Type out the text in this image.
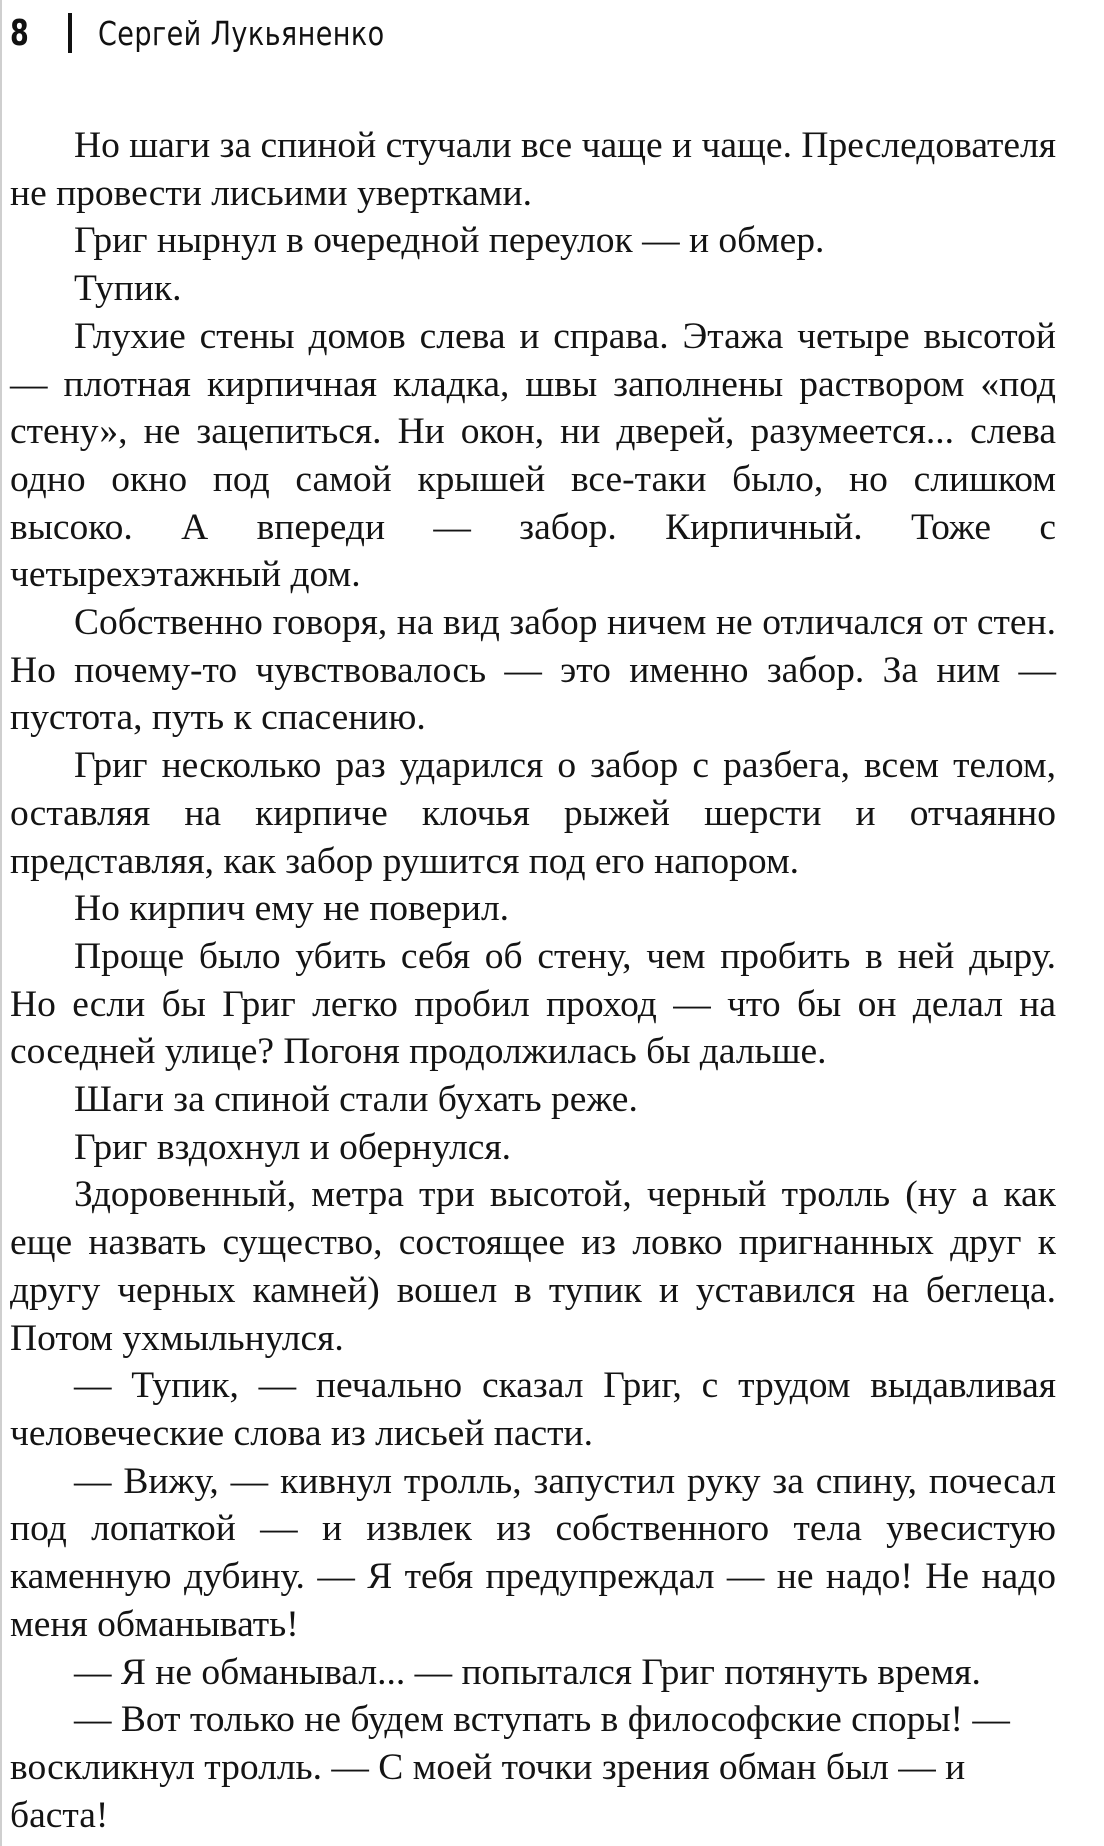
8 Сергей Лукьяненко

Но шаги за спиной стучали все чаще и чаще. Преследователя не провести лисьими увертками.

Григ нырнул в очередной переулок — и обмер.

Тупик.

Глухие стены домов слева и справа. Этажа четыре высотой — плотная кирпичная кладка, швы заполнены раствором «под стену», не зацепиться. Ни окон, ни дверей, разумеется... слева одно окно под самой крышей все-таки было, но слишком высоко. А впереди — забор. Кирпичный. Тоже с четырехэтажный дом.

Собственно говоря, на вид забор ничем не отличался от стен. Но почему-то чувствовалось — это именно забор. За ним — пустота, путь к спасению.

Григ несколько раз ударился о забор с разбега, всем телом, оставляя на кирпиче клочья рыжей шерсти и отчаянно представляя, как забор рушится под его напором.

Но кирпич ему не поверил.

Проще было убить себя об стену, чем пробить в ней дыру. Но если бы Григ легко пробил проход — что бы он делал на соседней улице? Погоня продолжилась бы дальше.

Шаги за спиной стали бухать реже.

Григ вздохнул и обернулся.

Здоровенный, метра три высотой, черный тролль (ну а как еще назвать существо, состоящее из ловко пригнанных друг к другу черных камней) вошел в тупик и уставился на беглеца. Потом ухмыльнулся.

— Тупик, — печально сказал Григ, с трудом выдавливая человеческие слова из лисьей пасти.

— Вижу, — кивнул тролль, запустил руку за спину, почесал под лопаткой — и извлек из собственного тела увесистую каменную дубину. — Я тебя предупреждал — не надо! Не надо меня обманывать!

— Я не обманывал... — попытался Григ потянуть время.

— Вот только не будем вступать в философские споры! — воскликнул тролль. — С моей точки зрения обман был — и баста!
